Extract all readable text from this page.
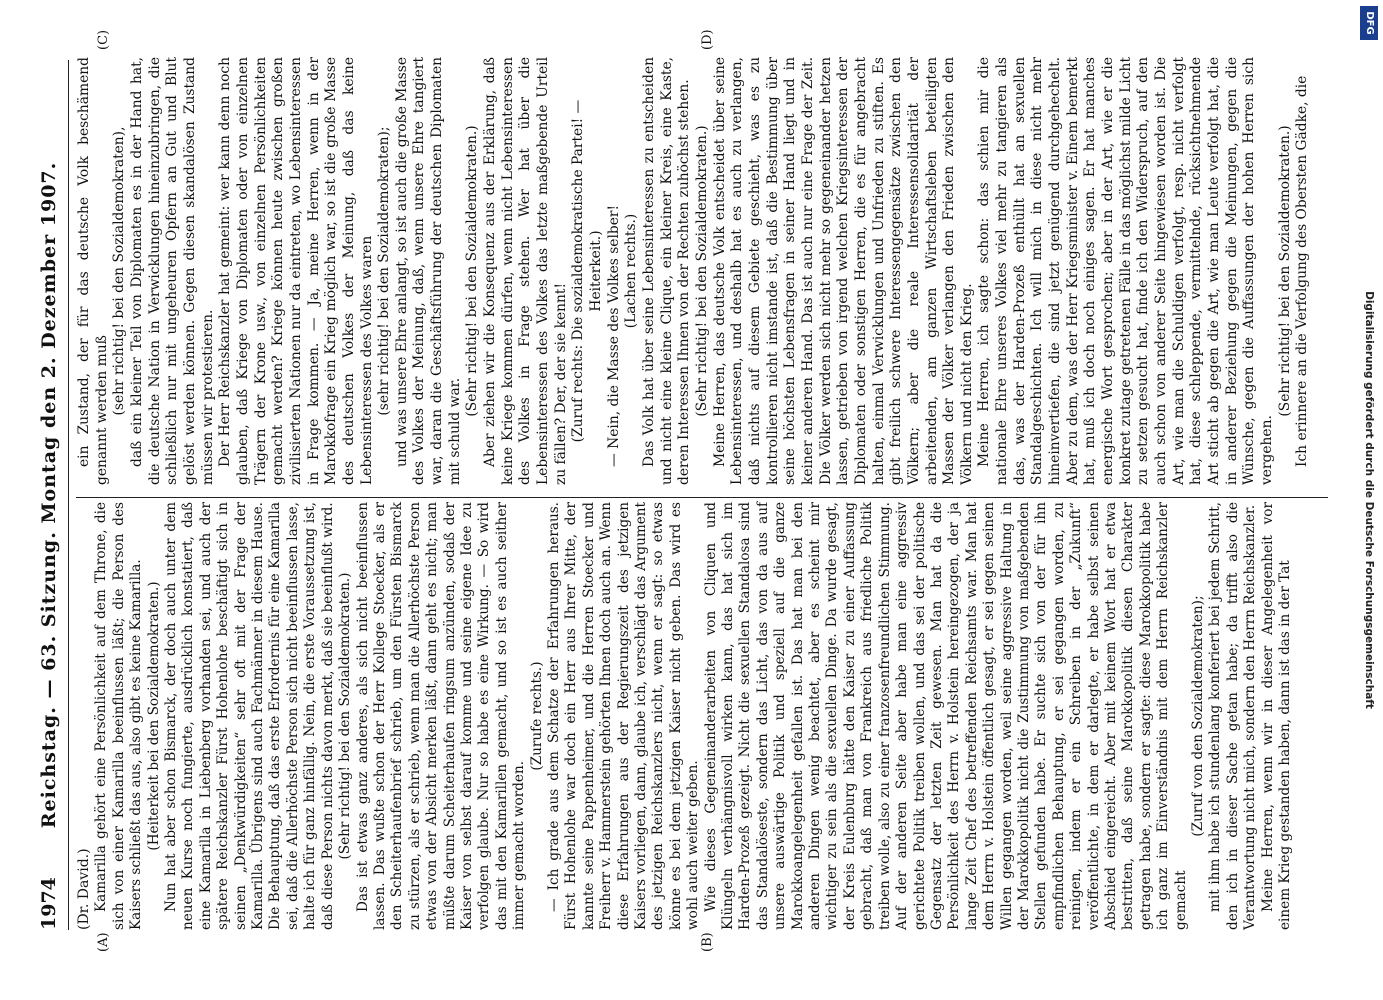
1974
Reichstag. — 63. Sitzung. Montag den 2. Dezember 1907.

(Dr. David.) Kamarilla gehört eine Persönlichkeit auf dem Throne, die sich von einer Kamarilla beeinflussen läßt; die Person des Kaisers schließt das aus, also gibt es keine Kamarilla. (Heiterkeit bei den Sozialdemokraten.) Nun hat aber schon Bismarck, der doch auch unter dem neuen Kurse noch fungierte, ausdrücklich konstatiert, daß eine Kamarilla in Liebenberg vorhanden sei, und auch der spätere Reichskanzler Fürst Hohenlohe beschäftigt sich in seinen „Denkwürdigkeiten“ sehr oft mit der Frage der Kamarilla. Übrigens sind auch Fachmänner in diesem Hause. Die Behauptung, daß das erste Erfordernis für eine Kamarilla sei, daß die Allerhöchste Person sich nicht beeinflussen lasse, halte ich für ganz hinfällig. Nein, die erste Voraussetzung ist, daß diese Person nichts davon merkt, daß sie beeinflußt wird. (Sehr richtig! bei den Sozialdemokraten.) Das ist etwas ganz anderes, als sich nicht beeinflussen lassen. Das wußte schon der Herr Kollege Stoecker, als er den Scheiterhaufenbrief schrieb, um den Fürsten Bismarck zu stürzen, als er schrieb, wenn man die Allerhöchste Person etwas von der Absicht merken läßt, dann geht es nicht; man müßte darum Scheiterhaufen ringsum anzünden, sodaß der Kaiser von selbst darauf komme und seine eigene Idee zu verfolgen glaube. Nur so habe es eine Wirkung. — So wird das mit den Kamarillen gemacht, und so ist es auch seither immer gemacht worden.

(Zurufe rechts.) — Ich grade aus dem Schatze der Erfahrungen heraus. Fürst Hohenlohe war doch ein Herr aus Ihrer Mitte, der kannte seine Pappenheimer, und die Herren Stoecker und Freiherr v. Hammerstein gehörten Ihnen doch auch an. Wenn diese Erfahrungen aus der Regierungszeit des jetzigen Kaisers vorliegen, dann, glaube ich, verschlägt das Argument des jetzigen Reichskanzlers nicht, wenn er sagt: so etwas könne es bei dem jetzigen Kaiser nicht geben. Das wird es wohl auch weiter geben. Wie dieses Gegeneinanderarbeiten von Cliquen und Klüngeln verhängnisvoll wirken kann, das hat sich im Harden-Prozeß gezeigt. Nicht die sexuellen Standalosa sind das Standalöseste, sondern das Licht, das von da aus auf unsere auswärtige Politik und speziell auf die ganze Marokkoangelegenheit gefallen ist. Das hat man bei den anderen Dingen wenig beachtet, aber es scheint mir wichtiger zu sein als die sexuellen Dinge. Da wurde gesagt, der Kreis Eulenburg hätte den Kaiser zu einer Auffassung gebracht, daß man von Frankreich aus friedliche Politik treiben wolle, also zu einer franzosenfreundlichen Stimmung. Auf der anderen Seite aber habe man eine aggressiv gerichtete Politik treiben wollen, und das sei der politische Gegensatz der letzten Zeit gewesen. Man hat da die Persönlichkeit des Herrn v. Holstein hereingezogen, der ja lange Zeit Chef des betreffenden Reichsamts war. Man hat dem Herrn v. Holstein öffentlich gesagt, er sei gegen seinen Willen gegangen worden, weil seine aggressive Haltung in der Marokkopolitik nicht die Zustimmung von maßgebenden Stellen gefunden habe. Er suchte sich von der für ihn empfindlichen Behauptung, er sei gegangen worden, zu reinigen, indem er ein Schreiben in der „Zukunft“ veröffentlichte, in dem er darlegte, er habe selbst seinen Abschied eingereicht. Aber mit keinem Wort hat er etwa bestritten, daß seine Marokkopolitik diesen Charakter getragen habe, sondern er sagte: diese Marokkopolitik habe ich ganz im Einverständnis mit dem Herrn Reichskanzler gemacht

(Zuruf von den Sozialdemokraten); mit ihm habe ich stundenlang konferiert bei jedem Schritt, den ich in dieser Sache getan habe; da trifft also die Verantwortung nicht mich, sondern den Herrn Reichskanzler. Meine Herren, wenn wir in dieser Angelegenheit vor einem Krieg gestanden haben, dann ist das in der Tat

ein Zustand, der für das deutsche Volk beschämend genannt werden muß (sehr richtig! bei den Sozialdemokraten), daß ein kleiner Teil von Diplomaten es in der Hand hat, die deutsche Nation in Verwicklungen hineinzubringen, die schließlich nur mit ungeheuren Opfern an Gut und Blut gelöst werden können. Gegen diesen skandalösen Zustand müssen wir protestieren. Der Herr Reichskanzler hat gemeint: wer kann denn noch glauben, daß Kriege von Diplomaten oder von einzelnen Trägern der Krone usw., von einzelnen Persönlichkeiten gemacht werden? Kriege können heute zwischen großen zivilisierten Nationen nur da eintreten, wo Lebensinteressen in Frage kommen. — Ja, meine Herren, wenn in der Marokkofrage ein Krieg möglich war, so ist die große Masse des deutschen Volkes der Meinung, daß das keine Lebensinteressen des Volkes waren (sehr richtig! bei den Sozialdemokraten); und was unsere Ehre anlangt, so ist auch die große Masse des Volkes der Meinung, daß, wenn unsere Ehre tangiert war, daran die Geschäftsführung der deutschen Diplomaten mit schuld war.

(Sehr richtig! bei den Sozialdemokraten.) Aber ziehen wir die Konsequenz aus der Erklärung, daß keine Kriege kommen dürfen, wenn nicht Lebensinteressen des Volkes in Frage stehen. Wer hat über die Lebensinteressen des Volkes das letzte maßgebende Urteil zu fällen? Der, der sie kennt! (Zuruf rechts: Die sozialdemokratische Partei! — Heiterkeit.) — Nein, die Masse des Volkes selber! (Lachen rechts.) Das Volk hat über seine Lebensinteressen zu entscheiden und nicht eine kleine Clique, ein kleiner Kreis, eine Kaste, deren Interessen Ihnen von der Rechten zuhöchst stehen. (Sehr richtig! bei den Sozialdemokraten.) Meine Herren, das deutsche Volk entscheidet über seine Lebensinteressen, und deshalb hat es auch zu verlangen, daß nichts auf diesem Gebiete geschieht, was es zu kontrollieren nicht imstande ist, daß die Bestimmung über seine höchsten Lebensfragen in seiner Hand liegt und in keiner anderen Hand. Das ist auch nur eine Frage der Zeit. Die Völker werden sich nicht mehr so gegeneinander hetzen lassen, getrieben von irgend welchen Kriegsinteressen der Diplomaten oder sonstigen Herren, die es für angebracht halten, einmal Verwicklungen und Unfrieden zu stiften. Es gibt freilich schwere Interessengegensätze zwischen den Völkern; aber die reale Interessensolidarität der arbeitenden, am ganzen Wirtschaftsleben beteiligten Massen der Völker verlangen den Frieden zwischen den Völkern und nicht den Krieg. Meine Herren, ich sagte schon: das schien mir die nationale Ehre unseres Volkes viel mehr zu tangieren als das, was der Harden-Prozeß enthüllt hat an sexuellen Standalgeschichten. Ich will mich in diese nicht mehr hineinvertiefen, die sind jetzt genügend durchgehechelt. Aber zu dem, was der Herr Kriegsminister v. Einem bemerkt hat, muß ich doch noch einiges sagen. Er hat manches energische Wort gesprochen; aber in der Art, wie er die konkret zutage getretenen Fälle in das möglichst milde Licht zu setzen gesucht hat, finde ich den Widerspruch, auf den auch schon von anderer Seite hingewiesen worden ist. Die Art, wie man die Schuldigen verfolgt, resp. nicht verfolgt hat, diese schleppende, vermittelnde, rücksichtnehmende Art sticht ab gegen die Art, wie man Leute verfolgt hat, die in anderer Beziehung gegen die Meinungen, gegen die Wünsche, gegen die Auffassungen der hohen Herren sich vergehen.

(Sehr richtig! bei den Sozialdemokraten.) Ich erinnere an die Verfolgung des Obersten Gädke, die

(A)	(B)
(C)	(D)
DFG
Digitalisierung gefördert durch die Deutsche Forschungsgemeinschaft
